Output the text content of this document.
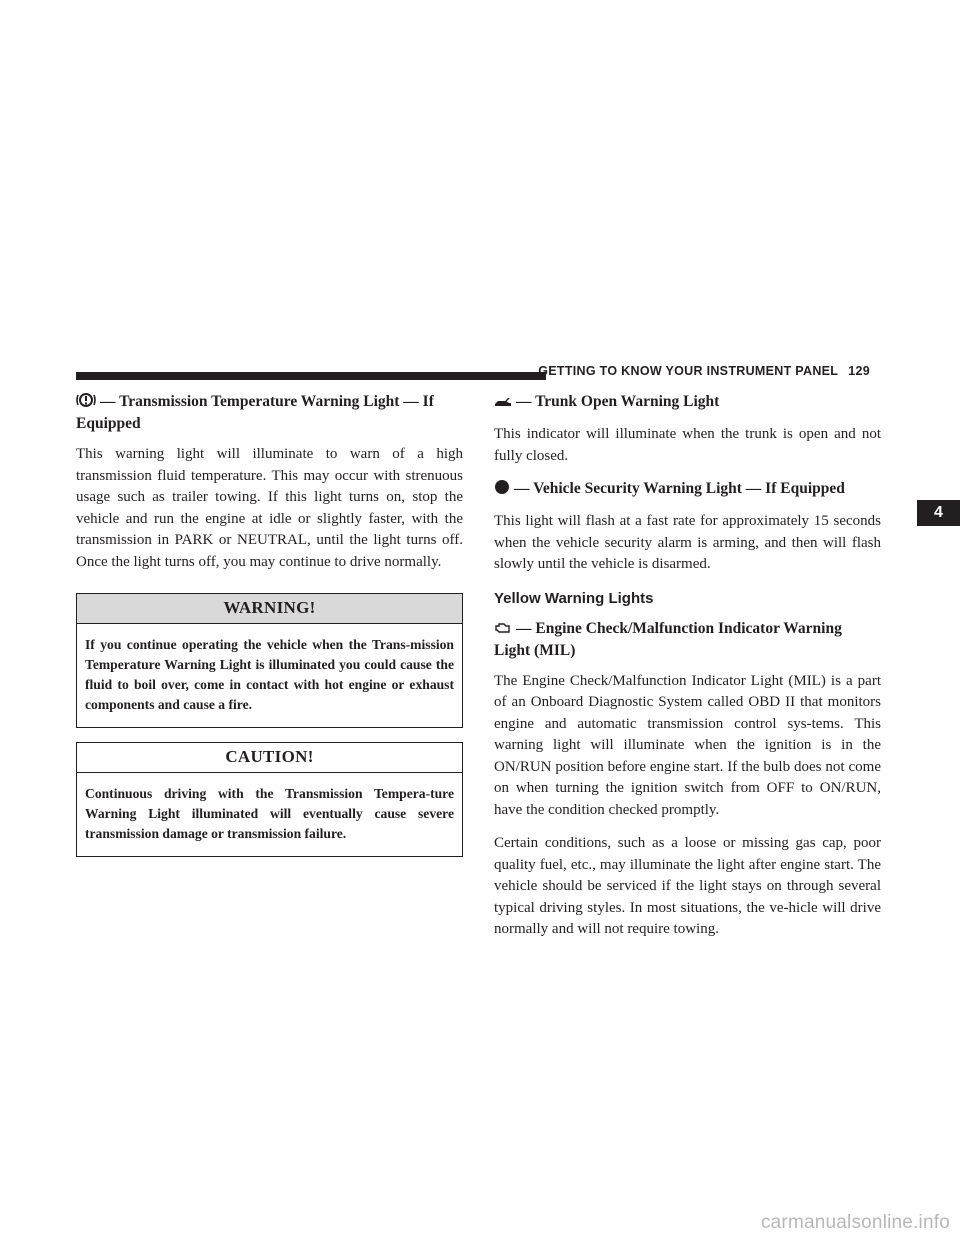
GETTING TO KNOW YOUR INSTRUMENT PANEL 129
— Transmission Temperature Warning Light — If Equipped

This warning light will illuminate to warn of a high transmission fluid temperature. This may occur with strenuous usage such as trailer towing. If this light turns on, stop the vehicle and run the engine at idle or slightly faster, with the transmission in PARK or NEUTRAL, until the light turns off. Once the light turns off, you may continue to drive normally.

WARNING!
If you continue operating the vehicle when the Trans-mission Temperature Warning Light is illuminated you could cause the fluid to boil over, come in contact with hot engine or exhaust components and cause a fire.
CAUTION!
Continuous driving with the Transmission Tempera-ture Warning Light illuminated will eventually cause severe transmission damage or transmission failure.
— Trunk Open Warning Light

This indicator will illuminate when the trunk is open and not fully closed.

— Vehicle Security Warning Light — If Equipped

This light will flash at a fast rate for approximately 15 seconds when the vehicle security alarm is arming, and then will flash slowly until the vehicle is disarmed.

Yellow Warning Lights
— Engine Check/Malfunction Indicator Warning Light (MIL)

The Engine Check/Malfunction Indicator Light (MIL) is a part of an Onboard Diagnostic System called OBD II that monitors engine and automatic transmission control sys-tems. This warning light will illuminate when the ignition is in the ON/RUN position before engine start. If the bulb does not come on when turning the ignition switch from OFF to ON/RUN, have the condition checked promptly.

Certain conditions, such as a loose or missing gas cap, poor quality fuel, etc., may illuminate the light after engine start. The vehicle should be serviced if the light stays on through several typical driving styles. In most situations, the ve-hicle will drive normally and will not require towing.

4
carmanualsonline.info
